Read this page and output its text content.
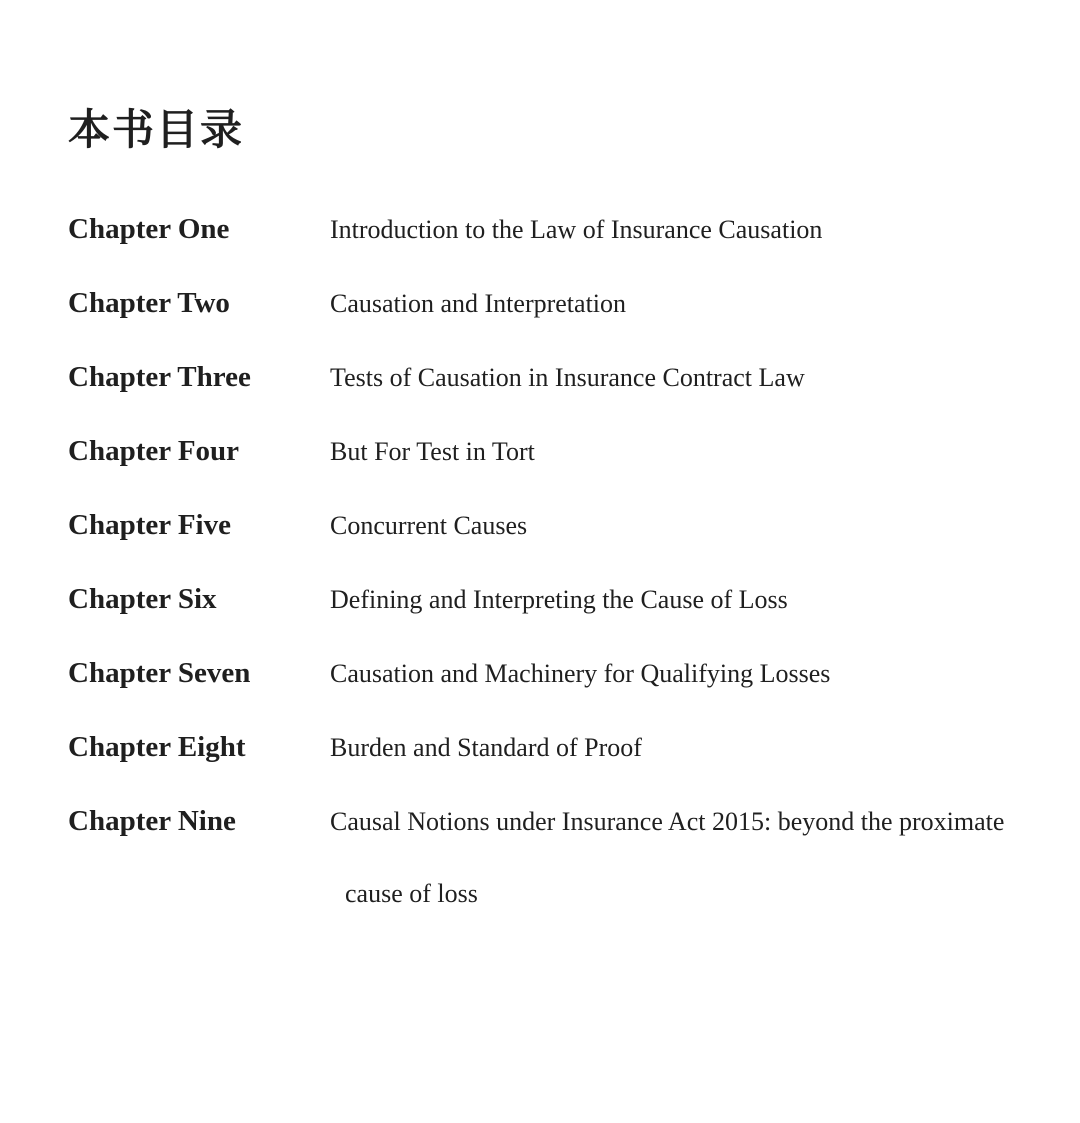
本书目录
Chapter One	Introduction to the Law of Insurance Causation
Chapter Two	Causation and Interpretation
Chapter Three	Tests of Causation in Insurance Contract Law
Chapter Four	But For Test in Tort
Chapter Five	Concurrent Causes
Chapter Six	Defining and Interpreting the Cause of Loss
Chapter Seven	Causation and Machinery for Qualifying Losses
Chapter Eight	Burden and Standard of Proof
Chapter Nine	Causal Notions under Insurance Act 2015: beyond the proximate
cause of loss
